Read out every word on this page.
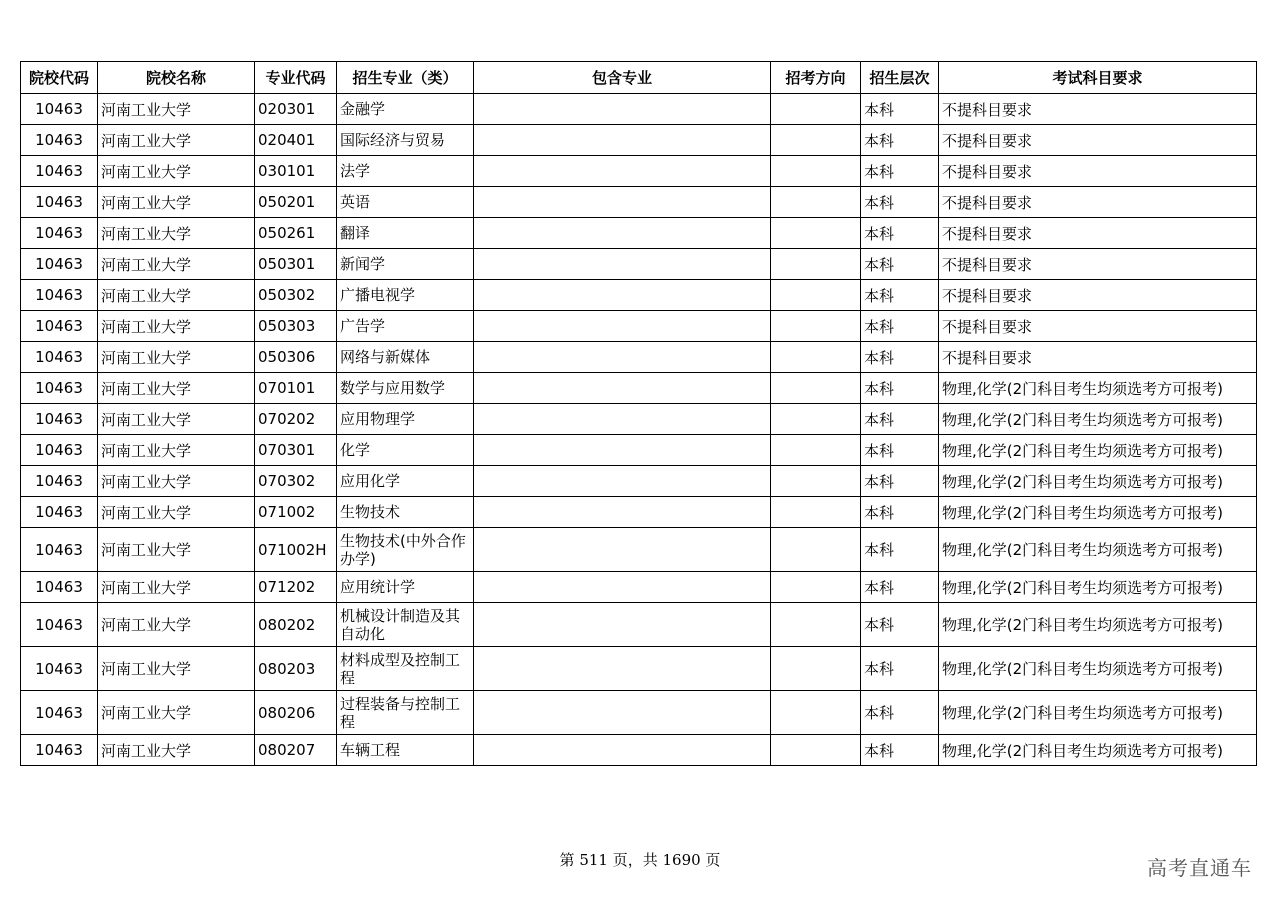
院校代码	院校名称	专业代码	招生专业（类）	包含专业	招考方向	招生层次	考试科目要求
10463	河南工业大学	020301	金融学			本科	不提科目要求
10463	河南工业大学	020401	国际经济与贸易			本科	不提科目要求
10463	河南工业大学	030101	法学			本科	不提科目要求
10463	河南工业大学	050201	英语			本科	不提科目要求
10463	河南工业大学	050261	翻译			本科	不提科目要求
10463	河南工业大学	050301	新闻学			本科	不提科目要求
10463	河南工业大学	050302	广播电视学			本科	不提科目要求
10463	河南工业大学	050303	广告学			本科	不提科目要求
10463	河南工业大学	050306	网络与新媒体			本科	不提科目要求
10463	河南工业大学	070101	数学与应用数学			本科	物理,化学(2门科目考生均须选考方可报考)
10463	河南工业大学	070202	应用物理学			本科	物理,化学(2门科目考生均须选考方可报考)
10463	河南工业大学	070301	化学			本科	物理,化学(2门科目考生均须选考方可报考)
10463	河南工业大学	070302	应用化学			本科	物理,化学(2门科目考生均须选考方可报考)
10463	河南工业大学	071002	生物技术			本科	物理,化学(2门科目考生均须选考方可报考)
10463	河南工业大学	071002H	生物技术(中外合作办学)			本科	物理,化学(2门科目考生均须选考方可报考)
10463	河南工业大学	071202	应用统计学			本科	物理,化学(2门科目考生均须选考方可报考)
10463	河南工业大学	080202	机械设计制造及其自动化			本科	物理,化学(2门科目考生均须选考方可报考)
10463	河南工业大学	080203	材料成型及控制工程			本科	物理,化学(2门科目考生均须选考方可报考)
10463	河南工业大学	080206	过程装备与控制工程			本科	物理,化学(2门科目考生均须选考方可报考)
10463	河南工业大学	080207	车辆工程			本科	物理,化学(2门科目考生均须选考方可报考)
第 511 页，共 1690 页	高考直通车
